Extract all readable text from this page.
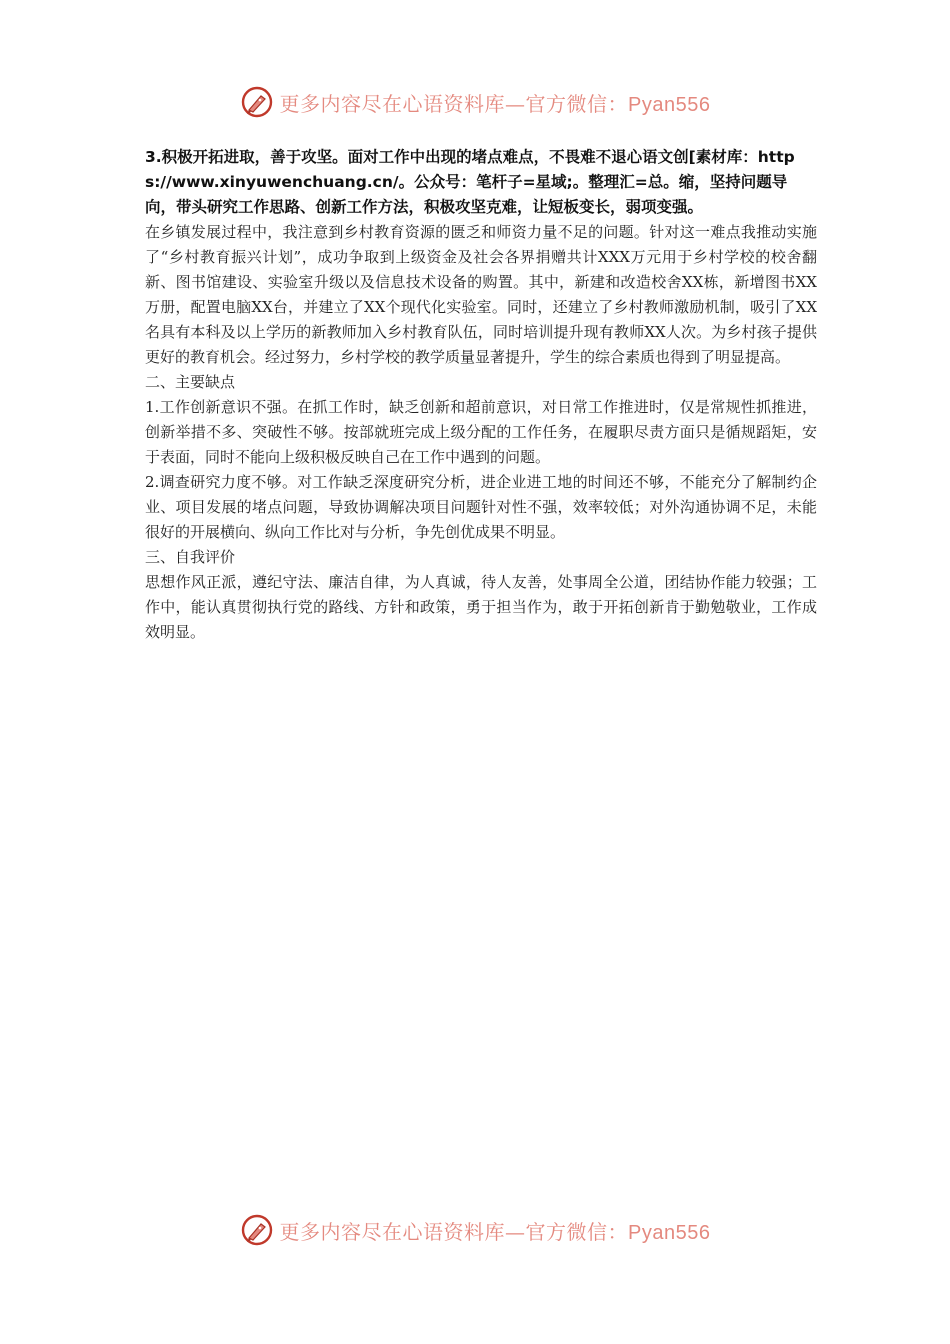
更多内容尽在心语资料库—官方微信：Pyan556

3.积极开拓进取，善于攻坚。面对工作中出现的堵点难点，不畏难不退心语文创[素材库：https://www.xinyuwenchuang.cn/。公众号：笔杆子=星域;。整理汇=总。缩，坚持问题导向，带头研究工作思路、创新工作方法，积极攻坚克难，让短板变长，弱项变强。

在乡镇发展过程中，我注意到乡村教育资源的匮乏和师资力量不足的问题。针对这一难点我推动实施了“乡村教育振兴计划”，成功争取到上级资金及社会各界捐赠共计XXX万元用于乡村学校的校舍翻新、图书馆建设、实验室升级以及信息技术设备的购置。其中，新建和改造校舍XX栋，新增图书XX万册，配置电脑XX台，并建立了XX个现代化实验室。同时，还建立了乡村教师激励机制，吸引了XX名具有本科及以上学历的新教师加入乡村教育队伍，同时培训提升现有教师XX人次。为乡村孩子提供更好的教育机会。经过努力，乡村学校的教学质量显著提升，学生的综合素质也得到了明显提高。

二、主要缺点

1.工作创新意识不强。在抓工作时，缺乏创新和超前意识，对日常工作推进时，仅是常规性抓推进，创新举措不多、突破性不够。按部就班完成上级分配的工作任务，在履职尽责方面只是循规蹈矩，安于表面，同时不能向上级积极反映自己在工作中遇到的问题。

2.调查研究力度不够。对工作缺乏深度研究分析，进企业进工地的时间还不够，不能充分了解制约企业、项目发展的堵点问题，导致协调解决项目问题针对性不强，效率较低；对外沟通协调不足，未能很好的开展横向、纵向工作比对与分析，争先创优成果不明显。

三、自我评价

思想作风正派，遵纪守法、廉洁自律，为人真诚，待人友善，处事周全公道，团结协作能力较强；工作中，能认真贯彻执行党的路线、方针和政策，勇于担当作为，敢于开拓创新肯于勤勉敬业，工作成效明显。

更多内容尽在心语资料库—官方微信：Pyan556
